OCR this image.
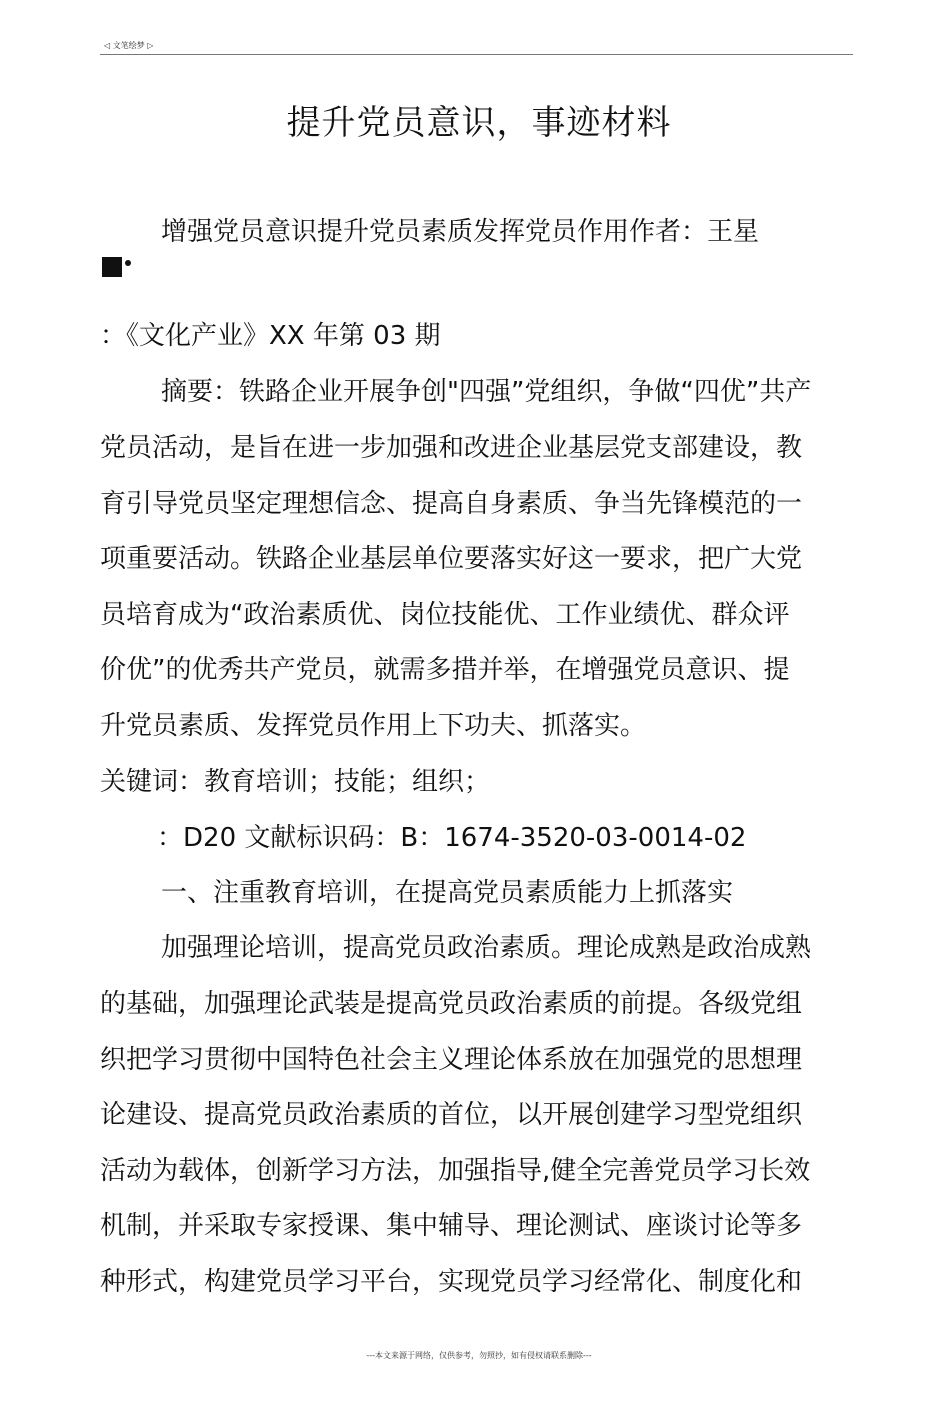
◁ 文笔绘梦 ▷
提升党员意识，事迹材料
增强党员意识提升党员素质发挥党员作用作者：王星
：《文化产业》XX 年第 03 期
摘要：铁路企业开展争创"四强”党组织，争做“四优”共产
党员活动，是旨在进一步加强和改进企业基层党支部建设，教
育引导党员坚定理想信念、提高自身素质、争当先锋模范的一
项重要活动。铁路企业基层单位要落实好这一要求，把广大党
员培育成为“政治素质优、岗位技能优、工作业绩优、群众评
价优”的优秀共产党员，就需多措并举，在增强党员意识、提
升党员素质、发挥党员作用上下功夫、抓落实。
关键词：教育培训；技能；组织；
：D20 文献标识码：B：1674-3520-03-0014-02
一、注重教育培训，在提高党员素质能力上抓落实
加强理论培训，提高党员政治素质。理论成熟是政治成熟
的基础，加强理论武装是提高党员政治素质的前提。各级党组
织把学习贯彻中国特色社会主义理论体系放在加强党的思想理
论建设、提高党员政治素质的首位，以开展创建学习型党组织
活动为载体，创新学习方法，加强指导,健全完善党员学习长效
机制，并采取专家授课、集中辅导、理论测试、座谈讨论等多
种形式，构建党员学习平台，实现党员学习经常化、制度化和
---本文来源于网络，仅供参考，勿照抄，如有侵权请联系删除---
